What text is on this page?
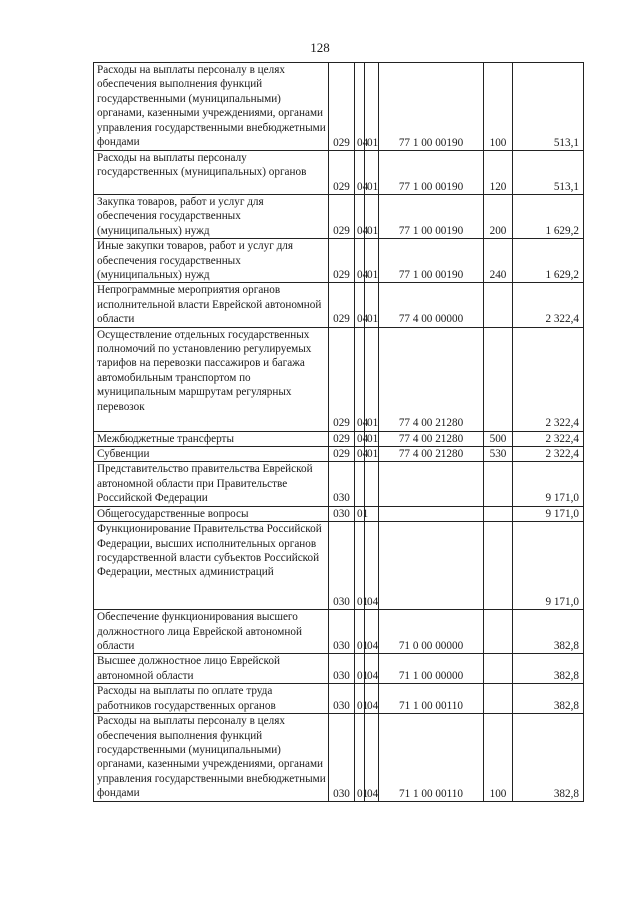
128
Расходы на выплаты персоналу в целях обеспечения выполнения функций государственными (муниципальными) органами, казенными учреждениями, органами управления государственными внебюджетными фондами	029	04	01	77 1 00 00190	100	513,1
Расходы на выплаты персоналу государственных (муниципальных) органов	029	04	01	77 1 00 00190	120	513,1
Закупка товаров, работ и услуг для обеспечения государственных (муниципальных) нужд	029	04	01	77 1 00 00190	200	1 629,2
Иные закупки товаров, работ и услуг для обеспечения государственных (муниципальных) нужд	029	04	01	77 1 00 00190	240	1 629,2
Непрограммные мероприятия органов исполнительной власти Еврейской автономной области	029	04	01	77 4 00 00000		2 322,4
Осуществление отдельных государственных полномочий по установлению регулируемых тарифов на перевозки пассажиров и багажа автомобильным транспортом по муниципальным маршрутам регулярных перевозок	029	04	01	77 4 00 21280		2 322,4
Межбюджетные трансферты	029	04	01	77 4 00 21280	500	2 322,4
Субвенции	029	04	01	77 4 00 21280	530	2 322,4
Представительство правительства Еврейской автономной области при Правительстве Российской Федерации	030					9 171,0
Общегосударственные вопросы	030	01				9 171,0
Функционирование Правительства Российской Федерации, высших исполнительных органов государственной власти субъектов Российской Федерации, местных администраций	030	01	04			9 171,0
Обеспечение функционирования высшего должностного лица Еврейской автономной области	030	01	04	71 0 00 00000		382,8
Высшее должностное лицо Еврейской автономной области	030	01	04	71 1 00 00000		382,8
Расходы на выплаты по оплате труда работников государственных органов	030	01	04	71 1 00 00110		382,8
Расходы на выплаты персоналу в целях обеспечения выполнения функций государственными (муниципальными) органами, казенными учреждениями, органами управления государственными внебюджетными фондами	030	01	04	71 1 00 00110	100	382,8
